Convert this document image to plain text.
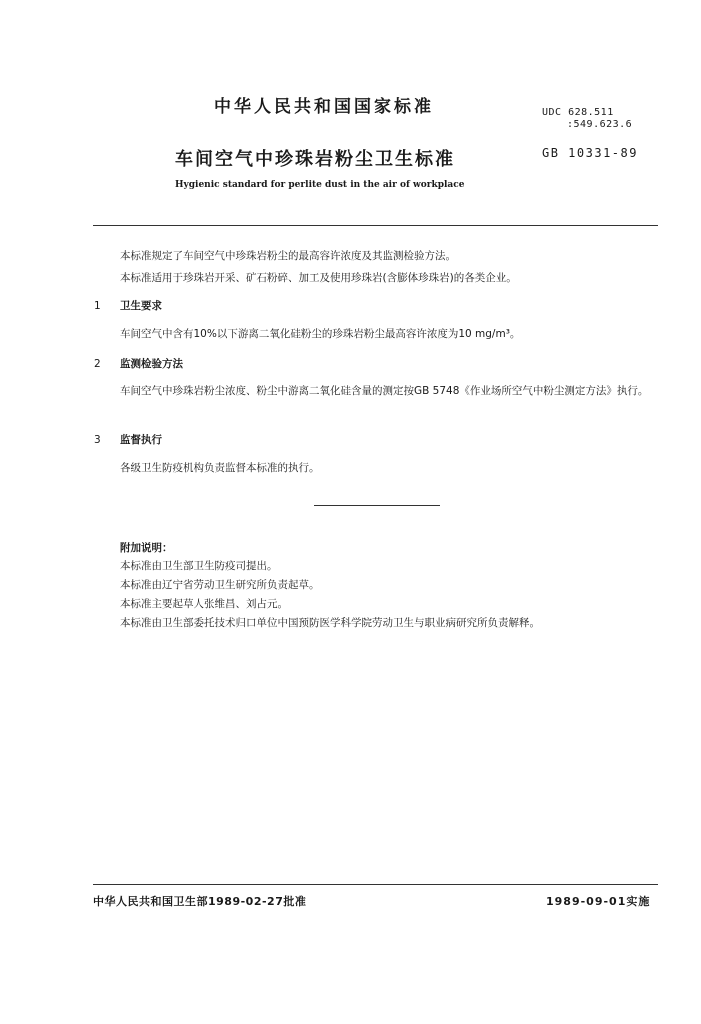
中华人民共和国国家标准	UDC 628.511
:549.623.6
车间空气中珍珠岩粉尘卫生标准	GB 10331-89
Hygienic standard for perlite dust in the air of workplace
本标准规定了车间空气中珍珠岩粉尘的最高容许浓度及其监测检验方法。
本标准适用于珍珠岩开采、矿石粉碎、加工及使用珍珠岩(含膨体珍珠岩)的各类企业。
1 卫生要求
车间空气中含有10%以下游离二氧化硅粉尘的珍珠岩粉尘最高容许浓度为10 mg/m³。
2 监测检验方法
车间空气中珍珠岩粉尘浓度、粉尘中游离二氧化硅含量的测定按GB 5748《作业场所空气中粉尘测定方法》执行。
3 监督执行
各级卫生防疫机构负责监督本标准的执行。
附加说明：
本标准由卫生部卫生防疫司提出。
本标准由辽宁省劳动卫生研究所负责起草。
本标准主要起草人张维昌、刘占元。
本标准由卫生部委托技术归口单位中国预防医学科学院劳动卫生与职业病研究所负责解释。
中华人民共和国卫生部1989-02-27批准	1989-09-01实施
